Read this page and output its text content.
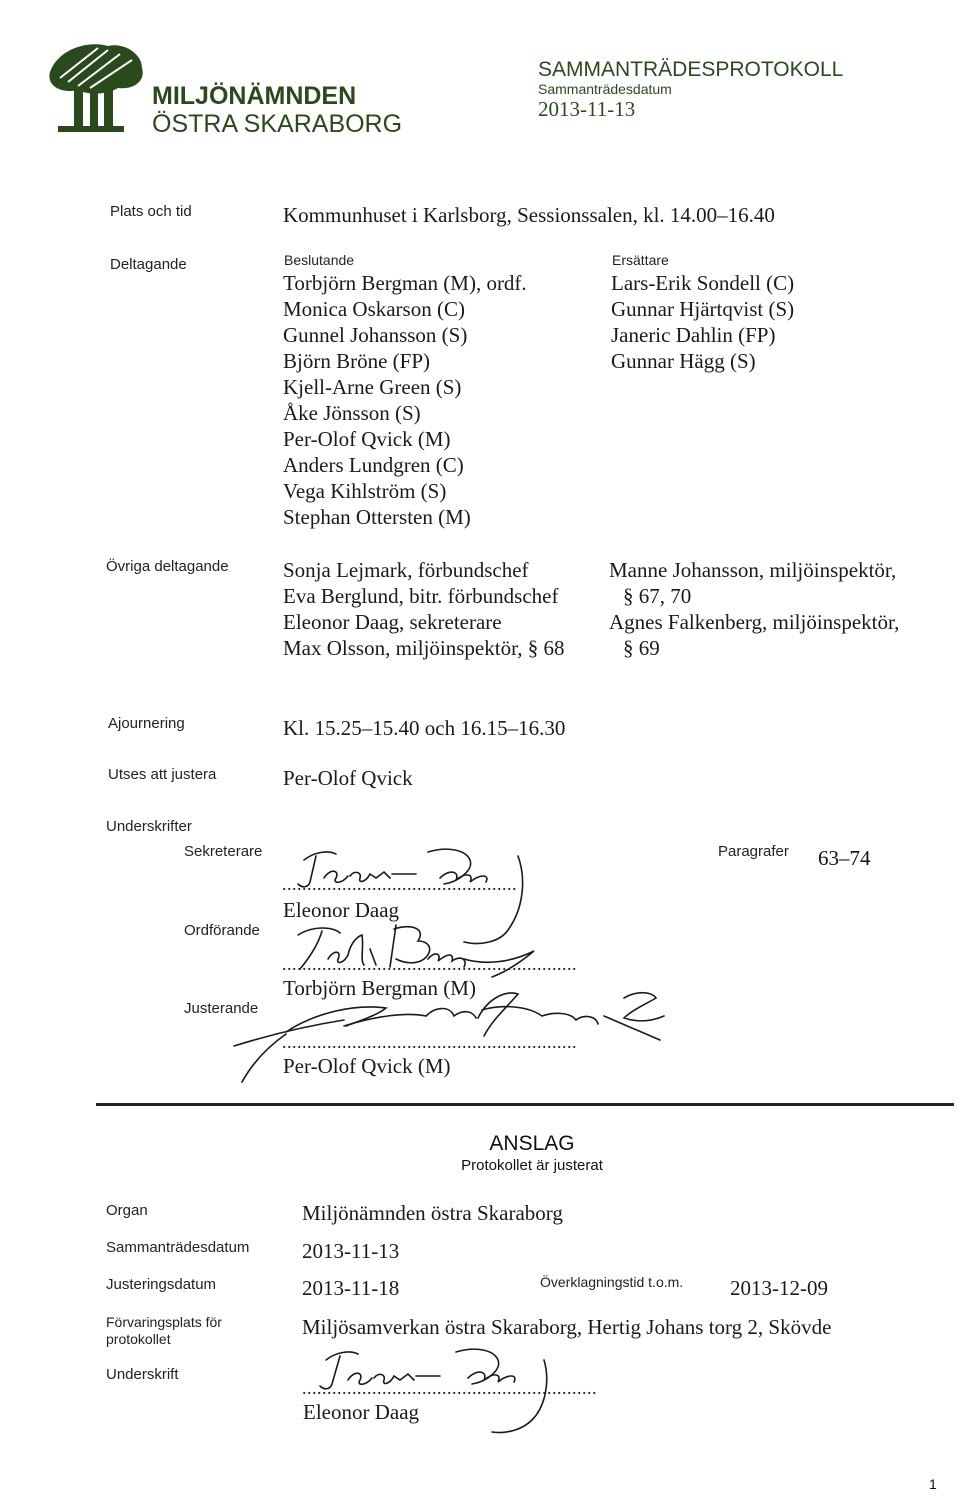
MILJÖNÄMNDEN
ÖSTRA SKARABORG
SAMMANTRÄDESPROTOKOLL
Sammanträdesdatum
2013-11-13
Plats och tid	Kommunhuset i Karlsborg, Sessionssalen, kl. 14.00–16.40
Deltagande	Beslutande
Torbjörn Bergman (M), ordf.
Monica Oskarson (C)
Gunnel Johansson (S)
Björn Bröne (FP)
Kjell-Arne Green (S)
Åke Jönsson (S)
Per-Olof Qvick (M)
Anders Lundgren (C)
Vega Kihlström (S)
Stephan Ottersten (M)
Ersättare
Lars-Erik Sondell (C)
Gunnar Hjärtqvist (S)
Janeric Dahlin (FP)
Gunnar Hägg (S)
Övriga deltagande	Sonja Lejmark, förbundschef
Eva Berglund, bitr. förbundschef
Eleonor Daag, sekreterare
Max Olsson, miljöinspektör, § 68
Manne Johansson, miljöinspektör,
§ 67, 70
Agnes Falkenberg, miljöinspektör,
§ 69
Ajournering	Kl. 15.25–15.40 och 16.15–16.30
Utses att justera	Per-Olof Qvick
Underskrifter
Sekreterare	Paragrafer 63–74
...............................................
Eleonor Daag
Ordförande
...........................................................
Torbjörn Bergman (M)
Justerande
...........................................................
Per-Olof Qvick (M)
ANSLAG
Protokollet är justerat
Organ	Miljönämnden östra Skaraborg
Sammanträdesdatum	2013-11-13
Justeringsdatum	2013-11-18	Överklagningstid t.o.m. 2013-12-09
Förvaringsplats för
protokollet	Miljösamverkan östra Skaraborg, Hertig Johans torg 2, Skövde
Underskrift
...........................................................
Eleonor Daag
1
